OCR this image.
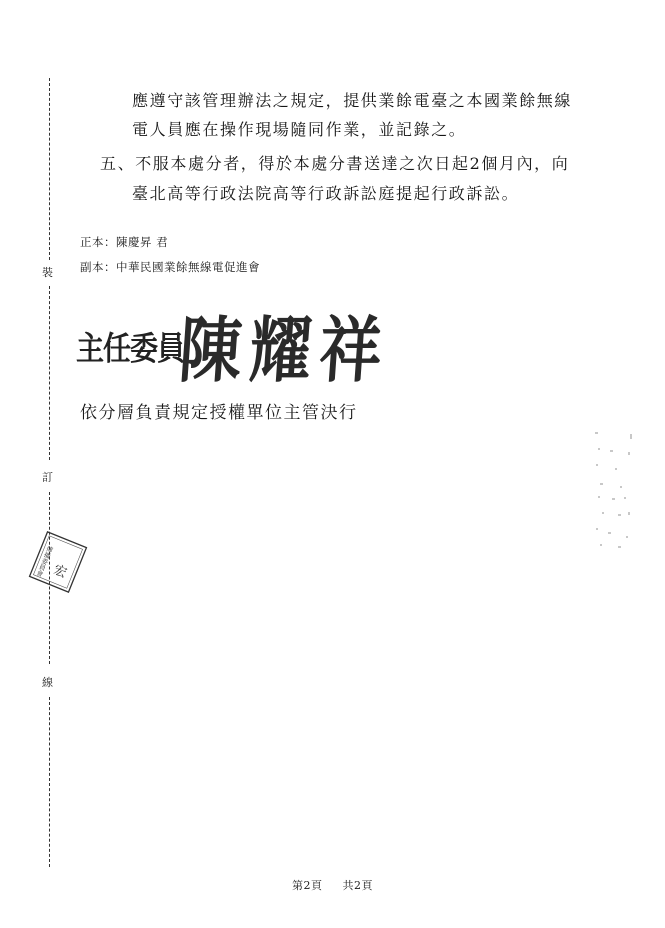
裝
訂
線
應遵守該管理辦法之規定，提供業餘電臺之本國業餘無線
電人員應在操作現場隨同作業，並記錄之。
五、不服本處分者，得於本處分書送達之次日起2個月內，向
臺北高等行政法院高等行政訴訟庭提起行政訴訟。
正本：陳慶昇 君
副本：中華民國業餘無線電促進會
主任委員
陳耀祥
依分層負責規定授權單位主管決行
傳播委員會
宏
第2頁 共2頁
